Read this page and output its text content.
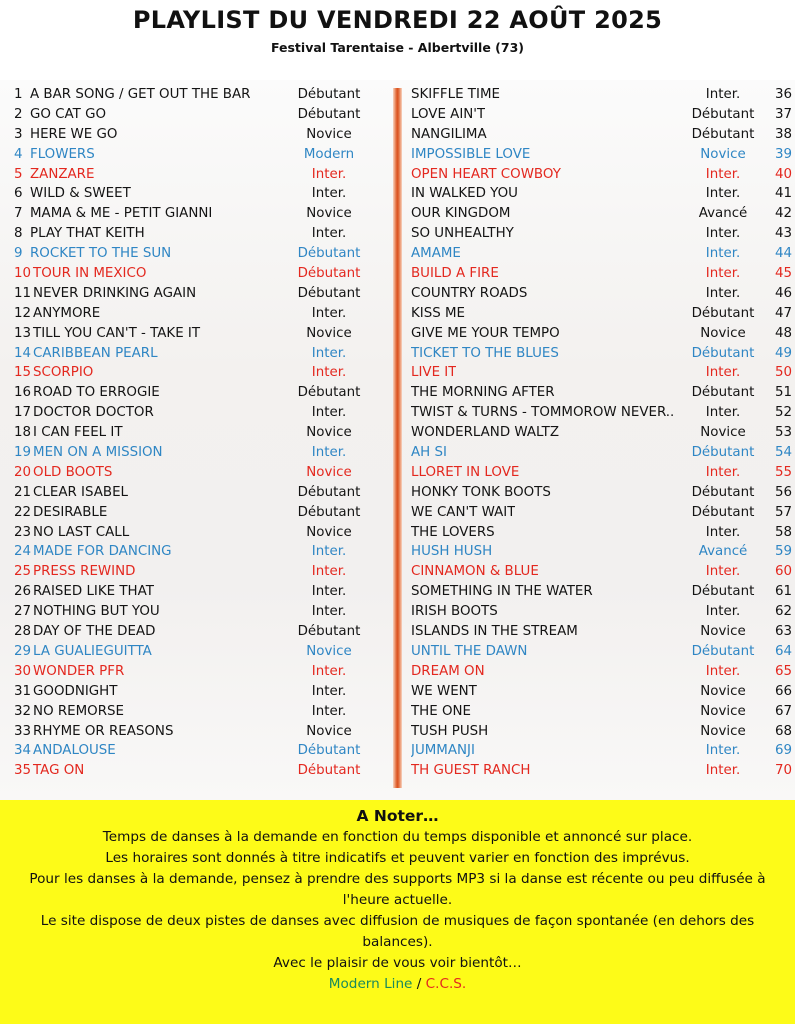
PLAYLIST DU VENDREDI 22 AOÛT 2025
Festival Tarentaise - Albertville (73)
1 A BAR SONG / GET OUT THE BAR	Débutant
2 GO CAT GO	Débutant
3 HERE WE GO	Novice
4 FLOWERS	Modern
5 ZANZARE	Inter.
6 WILD & SWEET	Inter.
7 MAMA & ME - PETIT GIANNI	Novice
8 PLAY THAT KEITH	Inter.
9 ROCKET TO THE SUN	Débutant
10 TOUR IN MEXICO	Débutant
11 NEVER DRINKING AGAIN	Débutant
12 ANYMORE	Inter.
13 TILL YOU CAN'T - TAKE IT	Novice
14 CARIBBEAN PEARL	Inter.
15 SCORPIO	Inter.
16 ROAD TO ERROGIE	Débutant
17 DOCTOR DOCTOR	Inter.
18 I CAN FEEL IT	Novice
19 MEN ON A MISSION	Inter.
20 OLD BOOTS	Novice
21 CLEAR ISABEL	Débutant
22 DESIRABLE	Débutant
23 NO LAST CALL	Novice
24 MADE FOR DANCING	Inter.
25 PRESS REWIND	Inter.
26 RAISED LIKE THAT	Inter.
27 NOTHING BUT YOU	Inter.
28 DAY OF THE DEAD	Débutant
29 LA GUALIEGUITTA	Novice
30 WONDER PFR	Inter.
31 GOODNIGHT	Inter.
32 NO REMORSE	Inter.
33 RHYME OR REASONS	Novice
34 ANDALOUSE	Débutant
35 TAG ON	Débutant
SKIFFLE TIME	Inter.	36
LOVE AIN'T	Débutant	37
NANGILIMA	Débutant	38
IMPOSSIBLE LOVE	Novice	39
OPEN HEART COWBOY	Inter.	40
IN WALKED YOU	Inter.	41
OUR KINGDOM	Avancé	42
SO UNHEALTHY	Inter.	43
AMAME	Inter.	44
BUILD A FIRE	Inter.	45
COUNTRY ROADS	Inter.	46
KISS ME	Débutant	47
GIVE ME YOUR TEMPO	Novice	48
TICKET TO THE BLUES	Débutant	49
LIVE IT	Inter.	50
THE MORNING AFTER	Débutant	51
TWIST & TURNS - TOMMOROW NEVER..	Inter.	52
WONDERLAND WALTZ	Novice	53
AH SI	Débutant	54
LLORET IN LOVE	Inter.	55
HONKY TONK BOOTS	Débutant	56
WE CAN'T WAIT	Débutant	57
THE LOVERS	Inter.	58
HUSH HUSH	Avancé	59
CINNAMON & BLUE	Inter.	60
SOMETHING IN THE WATER	Débutant	61
IRISH BOOTS	Inter.	62
ISLANDS IN THE STREAM	Novice	63
UNTIL THE DAWN	Débutant	64
DREAM ON	Inter.	65
WE WENT	Novice	66
THE ONE	Novice	67
TUSH PUSH	Novice	68
JUMMANJI	Inter.	69
TH GUEST RANCH	Inter.	70
A Noter…

Temps de danses à la demande en fonction du temps disponible et annoncé sur place.

Les horaires sont donnés à titre indicatifs et peuvent varier en fonction des imprévus.

Pour les danses à la demande, pensez à prendre des supports MP3 si la danse est récente ou peu diffusée à l'heure actuelle.

Le site dispose de deux pistes de danses avec diffusion de musiques de façon spontanée (en dehors des balances).

Avec le plaisir de vous voir bientôt…

Modern Line / C.C.S.
